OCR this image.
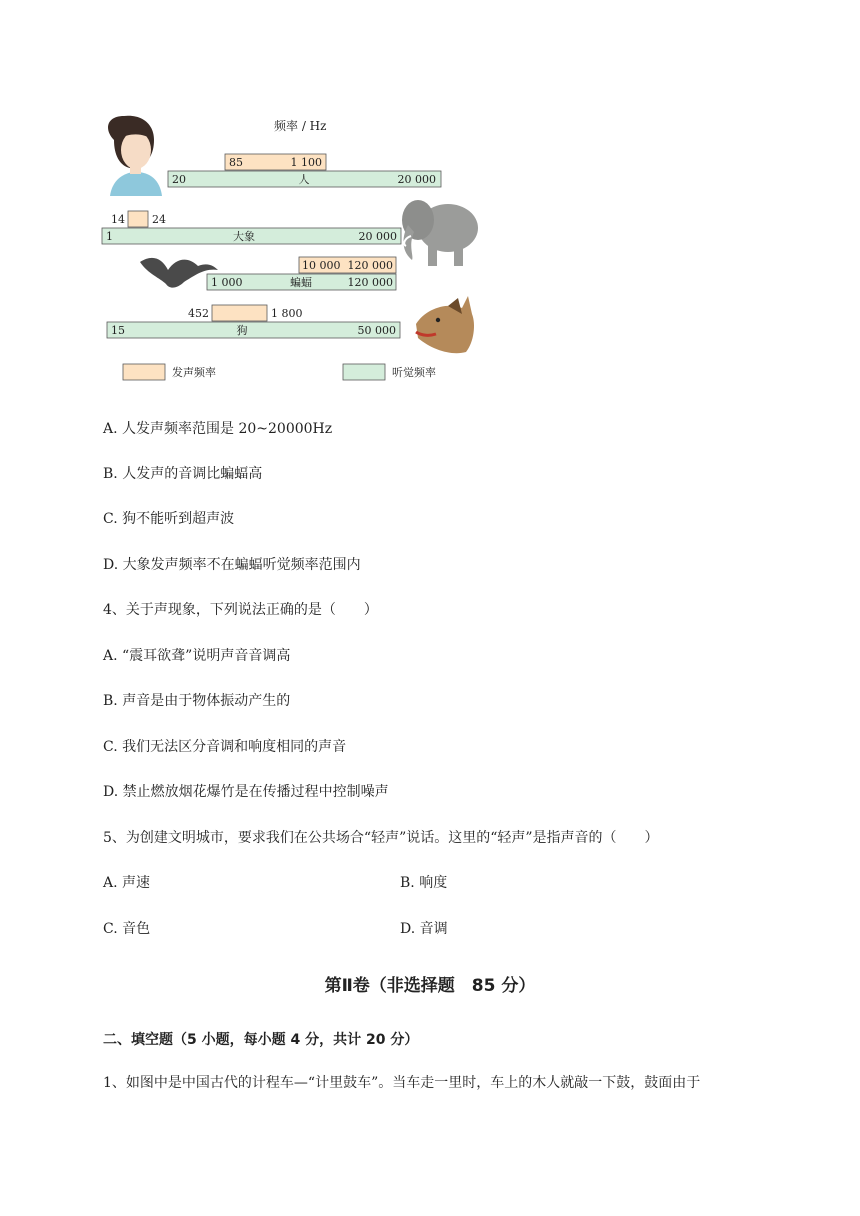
频率 / Hz
85	1 100
20	人	20 000
14 24
1	大象	20 000
10 000 120 000
1 000	蝙蝠	120 000
452	1 800
15	狗	50 000
发声频率	听觉频率
A. 人发声频率范围是 20~20000Hz
B. 人发声的音调比蝙蝠高
C. 狗不能听到超声波
D. 大象发声频率不在蝙蝠听觉频率范围内
4、关于声现象，下列说法正确的是（　　）
A. “震耳欲聋”说明声音音调高
B. 声音是由于物体振动产生的
C. 我们无法区分音调和响度相同的声音
D. 禁止燃放烟花爆竹是在传播过程中控制噪声
5、为创建文明城市，要求我们在公共场合“轻声”说话。这里的“轻声”是指声音的（　　）
A. 声速	B. 响度
C. 音色	D. 音调
第Ⅱ卷（非选择题　85 分）
二、填空题（5 小题，每小题 4 分，共计 20 分）
1、如图中是中国古代的计程车—“计里鼓车”。当车走一里时，车上的木人就敲一下鼓，鼓面由于
